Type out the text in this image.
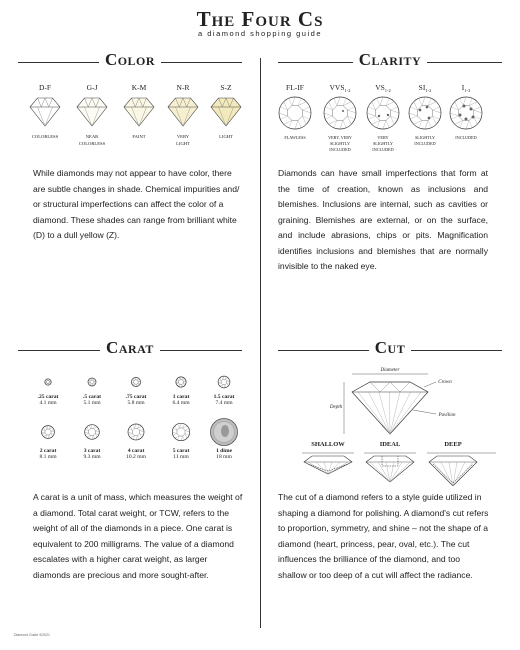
The Four Cs
a diamond shopping guide
Color
D-F
COLORLESS
G-J
NEAR
COLORLESS
K-M
FAINT
N-R
VERY
LIGHT
S-Z
LIGHT
While diamonds may not appear to have color, there are subtle changes in shade. Chemical impurities and/ or structural imperfections can affect the color of a diamond. These shades can range from brilliant white (D) to a dull yellow (Z).
Clarity
FL-IF
FLAWLESS
$VVS_{1-2}$
VERY, VERY
SLIGHTLY
INCLUDED
$VS_{1-2}$
VERY
SLIGHTLY
INCLUDED
$SI_{1-2}$
SLIGHTLY
INCLUDED
$I_{1-3}$
INCLUDED
Diamonds can have small imperfections that form at the time of creation, known as inclusions and blemishes. Inclusions are internal, such as cavities or graining. Blemishes are external, or on the surface, and include abrasions, chips or pits. Magnification identifies inclusions and blemishes that are normally invisible to the naked eye.
Carat
.25 carat
4.1 mm
.5 carat
5.1 mm
.75 carat
5.8 mm
1 carat
6.4 mm
1.5 carat
7.4 mm
2 carat
8.1 mm
3 carat
9.3 mm
4 carat
10.2 mm
5 carat
11 mm
1 dime
18 mm
A carat is a unit of mass, which measures the weight of a diamond. Total carat weight, or TCW, refers to the weight of all of the diamonds in a piece. One carat is equivalent to 200 milligrams. The value of a diamond escalates with a higher carat weight, as larger diamonds are precious and more sought-after.
Cut
Diameter
Depth
Crown
Pavilion
SHALLOW	IDEAL	DEEP
The cut of a diamond refers to a style guide utilized in shaping a diamond for polishing. A diamond's cut refers to proportion, symmetry, and shine – not the shape of a diamond (heart, princess, pear, oval, etc.). The cut influences the brilliance of the diamond, and too shallow or too deep of a cut will affect the radiance.
Diamond Guide 9/2021
